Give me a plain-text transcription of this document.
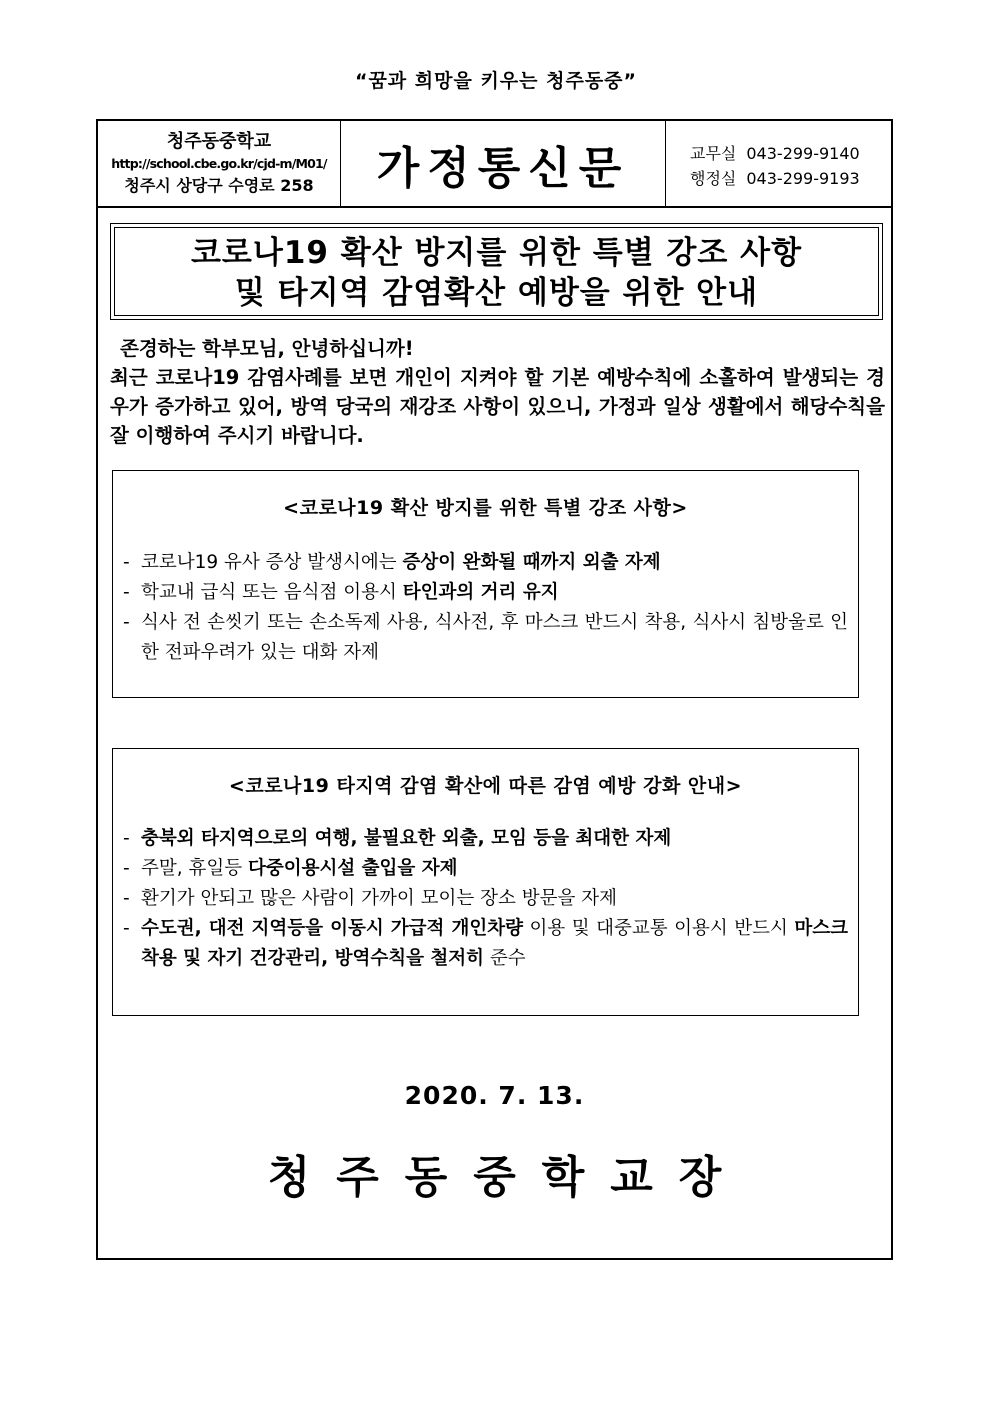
“꿈과 희망을 키우는 청주동중”
청주동중학교
http://school.cbe.go.kr/cjd-m/M01/
청주시 상당구 수영로 258	가정통신문	교무실 043-299-9140
행정실 043-299-9193
코로나19 확산 방지를 위한 특별 강조 사항
및 타지역 감염확산 예방을 위한 안내
존경하는 학부모님, 안녕하십니까!
최근 코로나19 감염사례를 보면 개인이 지켜야 할 기본 예방수칙에 소홀하여 발생되는 경우가 증가하고 있어, 방역 당국의 재강조 사항이 있으니, 가정과 일상 생활에서 해당수칙을 잘 이행하여 주시기 바랍니다.
<코로나19 확산 방지를 위한 특별 강조 사항>
- 코로나19 유사 증상 발생시에는 증상이 완화될 때까지 외출 자제
- 학교내 급식 또는 음식점 이용시 타인과의 거리 유지
- 식사 전 손씻기 또는 손소독제 사용, 식사전, 후 마스크 반드시 착용, 식사시 침방울로 인한 전파우려가 있는 대화 자제
<코로나19 타지역 감염 확산에 따른 감염 예방 강화 안내>
- 충북외 타지역으로의 여행, 불필요한 외출, 모임 등을 최대한 자제
- 주말, 휴일등 다중이용시설 출입을 자제
- 환기가 안되고 많은 사람이 가까이 모이는 장소 방문을 자제
- 수도권, 대전 지역등을 이동시 가급적 개인차량 이용 및 대중교통 이용시 반드시 마스크 착용 및 자기 건강관리, 방역수칙을 철저히 준수
2020. 7. 13.
청주동중학교장
